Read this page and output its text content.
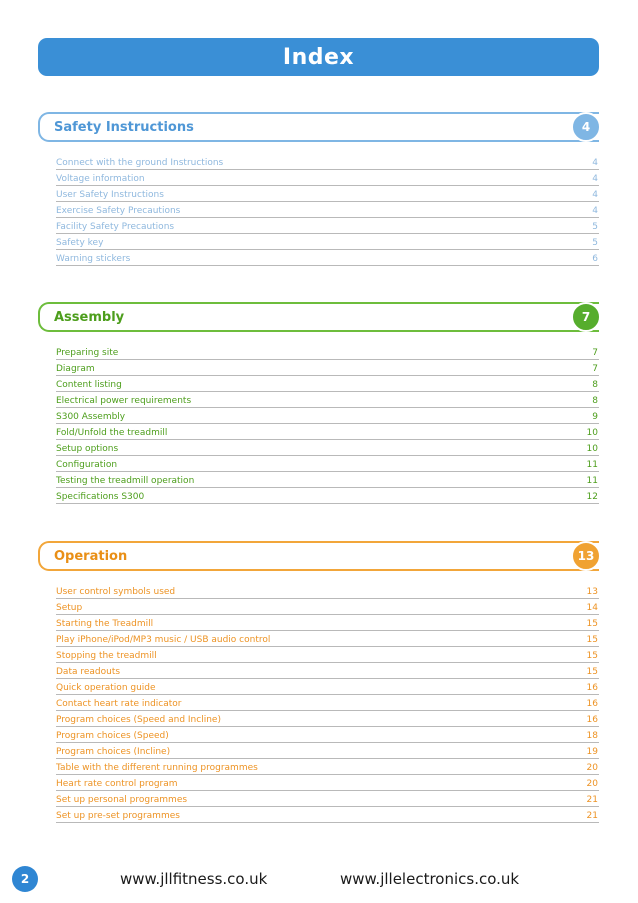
Index
Safety Instructions	4
Connect with the ground Instructions	4
Voltage information	4
User Safety Instructions	4
Exercise Safety Precautions	4
Facility Safety Precautions	5
Safety key	5
Warning stickers	6
Assembly	7
Preparing site	7
Diagram	7
Content listing	8
Electrical power requirements	8
S300 Assembly	9
Fold/Unfold the treadmill	10
Setup options	10
Configuration	11
Testing the treadmill operation	11
Specifications S300	12
Operation	13
User control symbols used	13
Setup	14
Starting the Treadmill	15
Play iPhone/iPod/MP3 music / USB audio control	15
Stopping the treadmill	15
Data readouts	15
Quick operation guide	16
Contact heart rate indicator	16
Program choices (Speed and Incline)	16
Program choices (Speed)	18
Program choices (Incline)	19
Table with the different running programmes	20
Heart rate control program	20
Set up personal programmes	21
Set up pre-set programmes	21
2	www.jllfitness.co.uk	www.jllelectronics.co.uk
